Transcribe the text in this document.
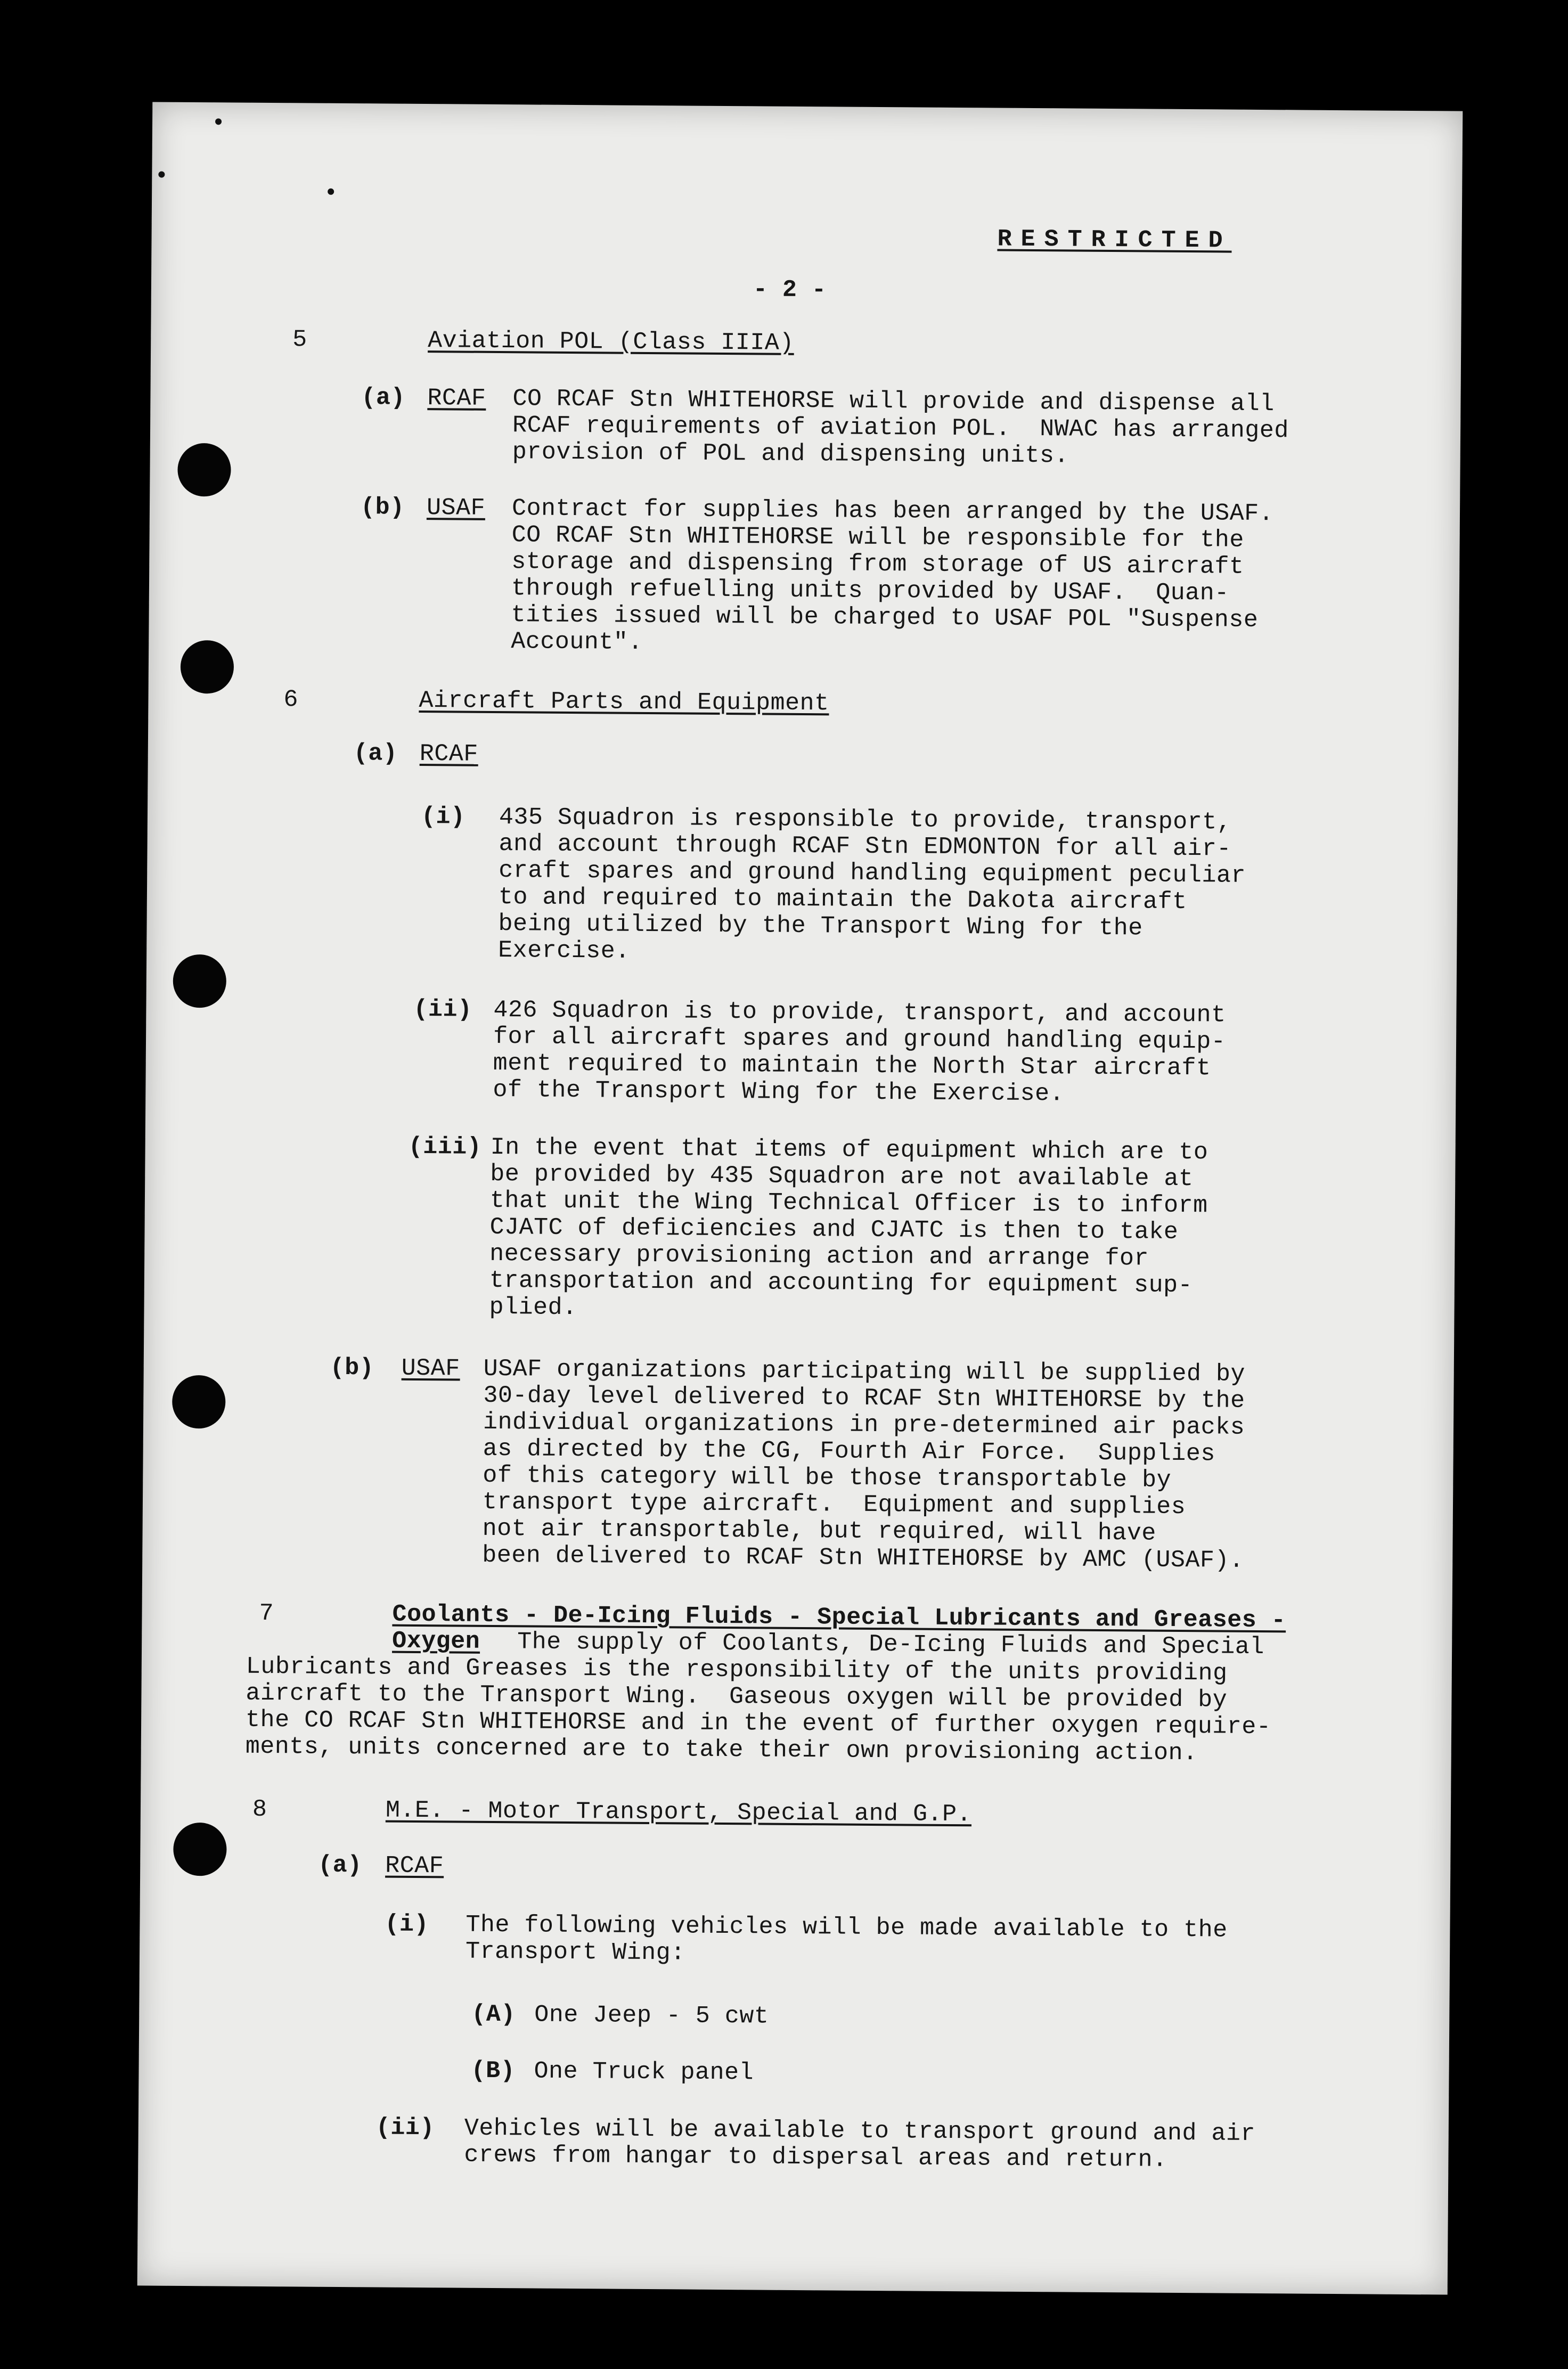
RESTRICTED
- 2 -
5	Aviation POL (Class IIIA)
(a) RCAF CO RCAF Stn WHITEHORSE will provide and dispense all
RCAF requirements of aviation POL.  NWAC has arranged
provision of POL and dispensing units.
(b) USAF Contract for supplies has been arranged by the USAF.
CO RCAF Stn WHITEHORSE will be responsible for the
storage and dispensing from storage of US aircraft
through refuelling units provided by USAF.  Quan-
tities issued will be charged to USAF POL "Suspense
Account".
6	Aircraft Parts and Equipment
(a) RCAF
(i) 435 Squadron is responsible to provide, transport,
and account through RCAF Stn EDMONTON for all air-
craft spares and ground handling equipment peculiar
to and required to maintain the Dakota aircraft
being utilized by the Transport Wing for the
Exercise.
(ii) 426 Squadron is to provide, transport, and account
for all aircraft spares and ground handling equip-
ment required to maintain the North Star aircraft
of the Transport Wing for the Exercise.
(iii) In the event that items of equipment which are to
be provided by 435 Squadron are not available at
that unit the Wing Technical Officer is to inform
CJATC of deficiencies and CJATC is then to take
necessary provisioning action and arrange for
transportation and accounting for equipment sup-
plied.
(b) USAF USAF organizations participating will be supplied by
30-day level delivered to RCAF Stn WHITEHORSE by the
individual organizations in pre-determined air packs
as directed by the CG, Fourth Air Force.  Supplies
of this category will be those transportable by
transport type aircraft.  Equipment and supplies
not air transportable, but required, will have
been delivered to RCAF Stn WHITEHORSE by AMC (USAF).
7	Coolants - De-Icing Fluids - Special Lubricants and Greases -
Oxygen The supply of Coolants, De-Icing Fluids and Special
Lubricants and Greases is the responsibility of the units providing
aircraft to the Transport Wing.  Gaseous oxygen will be provided by
the CO RCAF Stn WHITEHORSE and in the event of further oxygen require-
ments, units concerned are to take their own provisioning action.
8	M.E. - Motor Transport, Special and G.P.
(a) RCAF
(i) The following vehicles will be made available to the
Transport Wing:
(A) One Jeep - 5 cwt
(B) One Truck panel
(ii) Vehicles will be available to transport ground and air
crews from hangar to dispersal areas and return.
